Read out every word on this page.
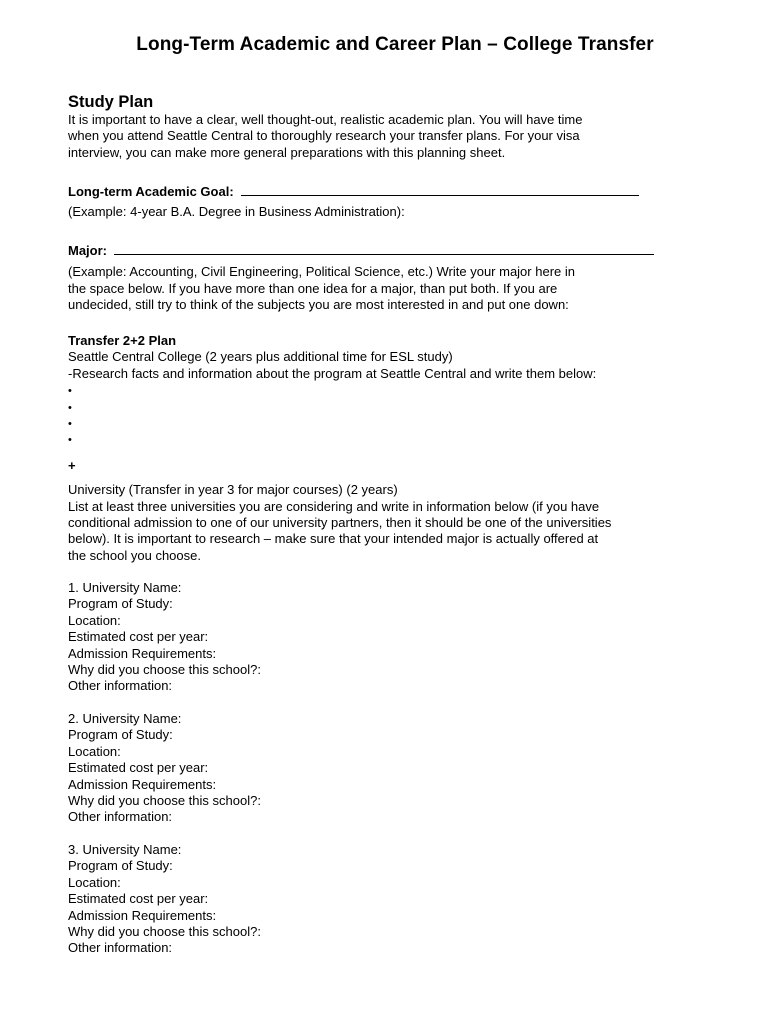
Long-Term Academic and Career Plan – College Transfer
Study Plan
It is important to have a clear, well thought-out, realistic academic plan. You will have time
when you attend Seattle Central to thoroughly research your transfer plans. For your visa
interview, you can make more general preparations with this planning sheet.
Long-term Academic Goal:
(Example: 4-year B.A. Degree in Business Administration):
Major:
(Example: Accounting, Civil Engineering, Political Science, etc.) Write your major here in
the space below. If you have more than one idea for a major, than put both. If you are
undecided, still try to think of the subjects you are most interested in and put one down:
Transfer 2+2 Plan
Seattle Central College (2 years plus additional time for ESL study)
-Research facts and information about the program at Seattle Central and write them below:
•
•
•
•
+
University (Transfer in year 3 for major courses) (2 years)
List at least three universities you are considering and write in information below (if you have
conditional admission to one of our university partners, then it should be one of the universities
below). It is important to research – make sure that your intended major is actually offered at
the school you choose.
1. University Name:
Program of Study:
Location:
Estimated cost per year:
Admission Requirements:
Why did you choose this school?:
Other information:
2. University Name:
Program of Study:
Location:
Estimated cost per year:
Admission Requirements:
Why did you choose this school?:
Other information:
3. University Name:
Program of Study:
Location:
Estimated cost per year:
Admission Requirements:
Why did you choose this school?:
Other information:
